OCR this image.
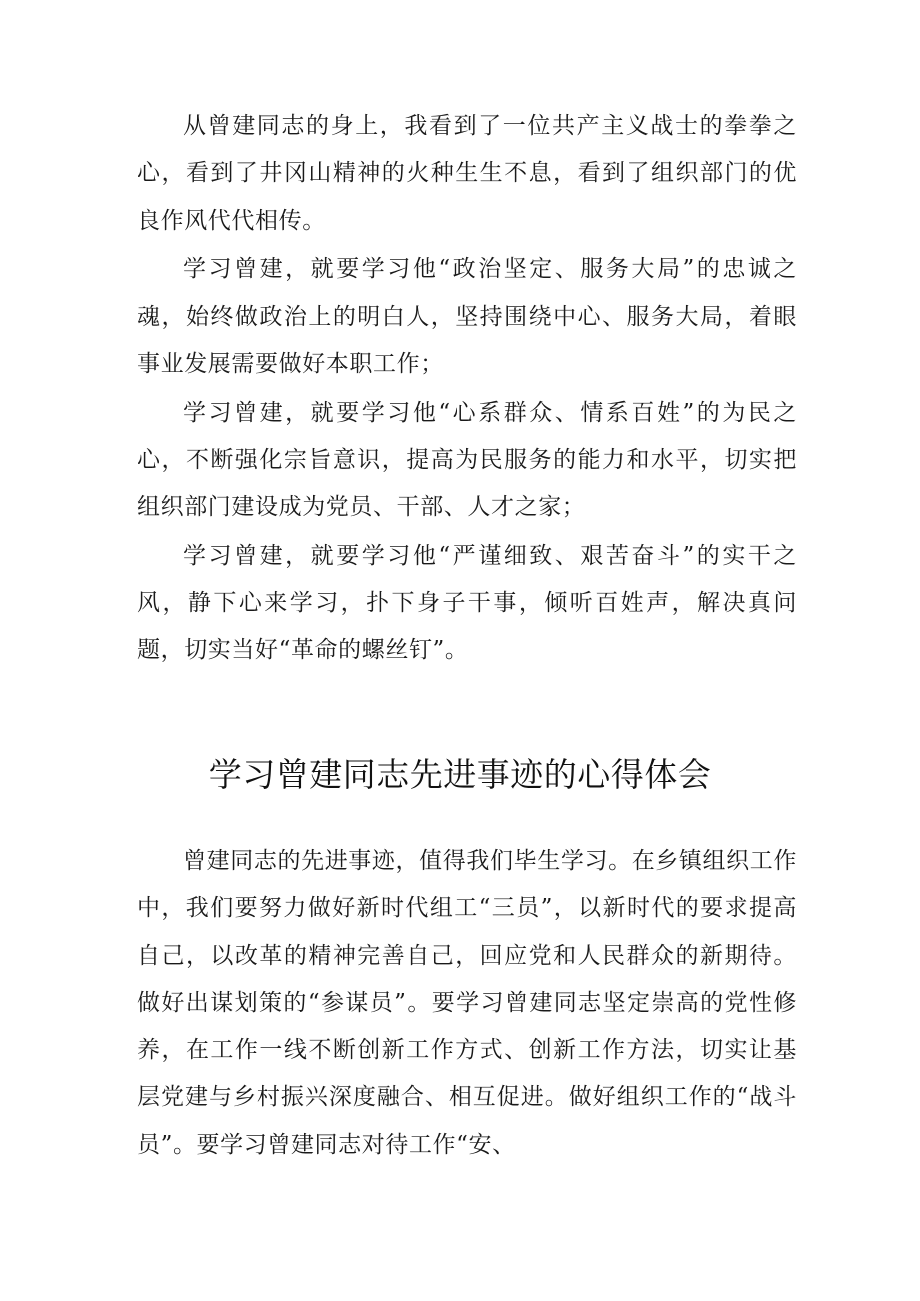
从曾建同志的身上，我看到了一位共产主义战士的拳拳之心，看到了井冈山精神的火种生生不息，看到了组织部门的优良作风代代相传。

学习曾建，就要学习他“政治坚定、服务大局”的忠诚之魂，始终做政治上的明白人，坚持围绕中心、服务大局，着眼事业发展需要做好本职工作；

学习曾建，就要学习他“心系群众、情系百姓”的为民之心，不断强化宗旨意识，提高为民服务的能力和水平，切实把组织部门建设成为党员、干部、人才之家；

学习曾建，就要学习他“严谨细致、艰苦奋斗”的实干之风，静下心来学习，扑下身子干事，倾听百姓声，解决真问题，切实当好“革命的螺丝钉”。

学习曾建同志先进事迹的心得体会

曾建同志的先进事迹，值得我们毕生学习。在乡镇组织工作中，我们要努力做好新时代组工“三员”，以新时代的要求提高自己，以改革的精神完善自己，回应党和人民群众的新期待。做好出谋划策的“参谋员”。要学习曾建同志坚定崇高的党性修养，在工作一线不断创新工作方式、创新工作方法，切实让基层党建与乡村振兴深度融合、相互促进。做好组织工作的“战斗员”。要学习曾建同志对待工作“安、
